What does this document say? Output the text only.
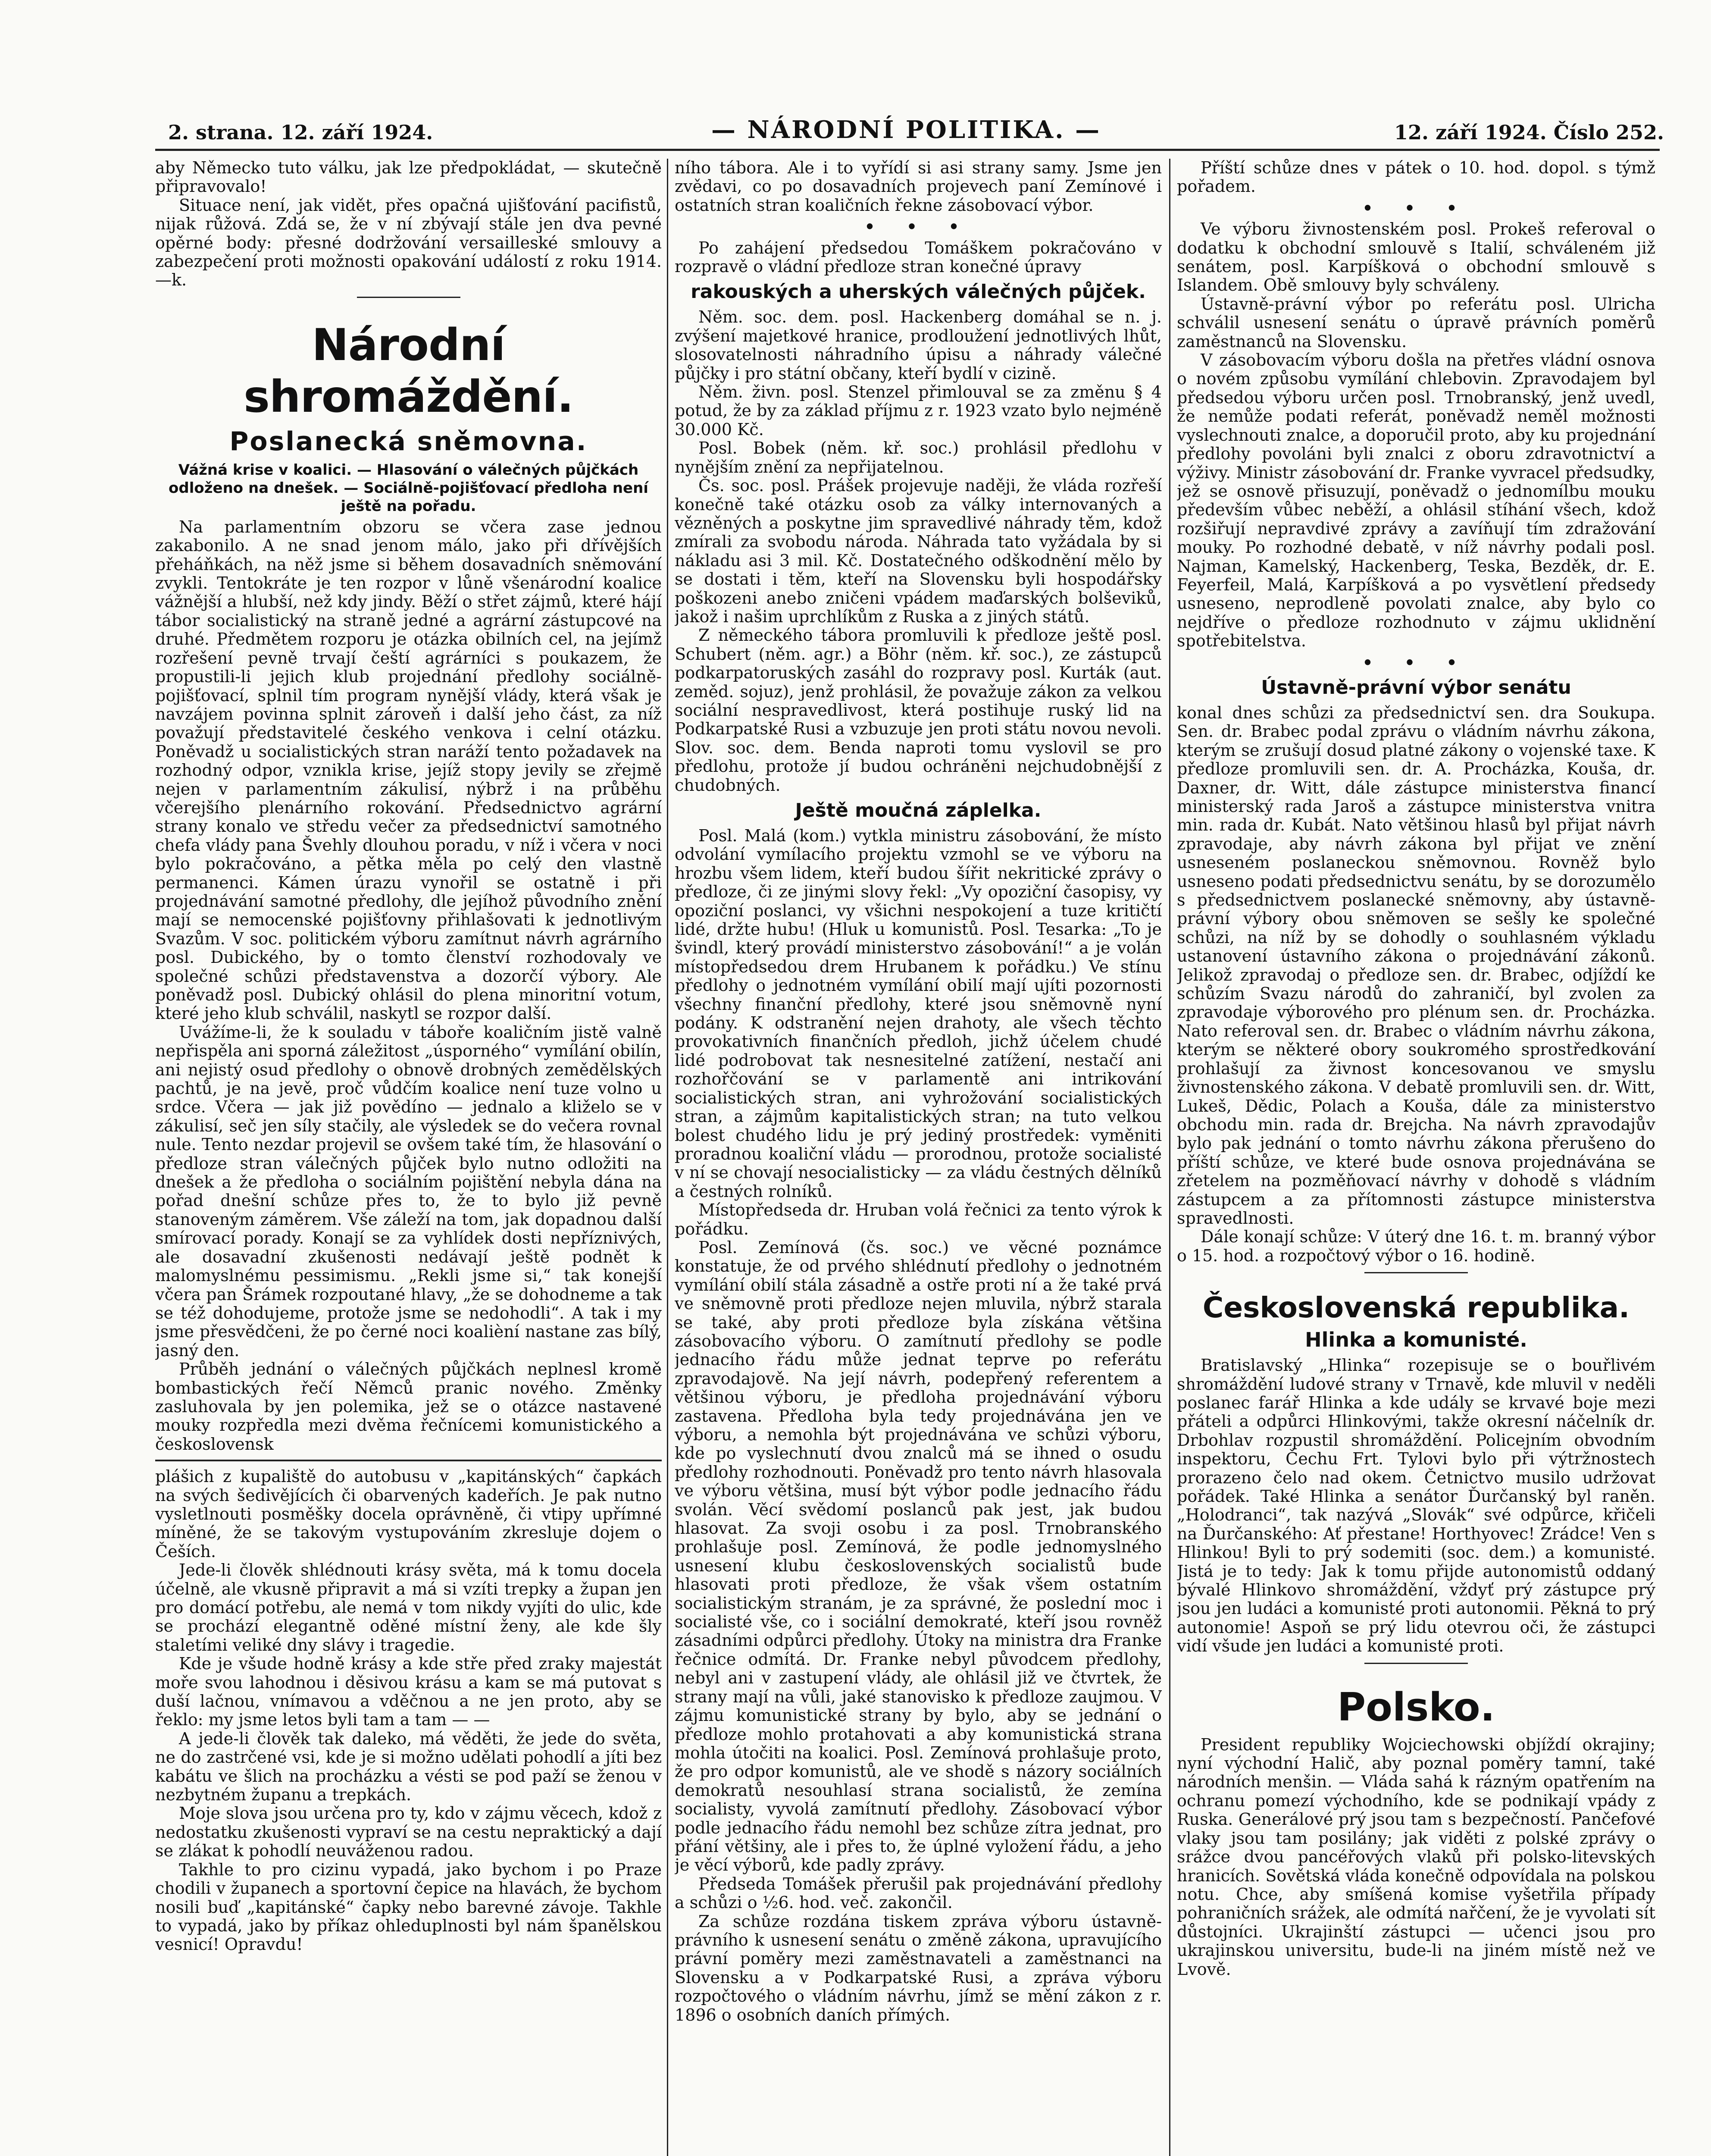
2. strana. 12. září 1924.	— NÁRODNÍ POLITIKA. —	12. září 1924. Číslo 252.

aby Německo tuto válku, jak lze předpokládat, — skutečně připravovalo!

Situace není, jak vidět, přes opačná ujišťování pacifistů, nijak růžová. Zdá se, že v ní zbývají stále jen dva pevné opěrné body: přesné dodržování versailleské smlouvy a zabezpečení proti možnosti opakování událostí z roku 1914. —k.

Národní shromáždění.
Poslanecká sněmovna.
Vážná krise v koalici. — Hlasování o válečných půjčkách odloženo na dnešek. — Sociálně-pojišťovací předloha není ještě na pořadu.

Na parlamentním obzoru se včera zase jednou zakabonilo. A ne snad jenom málo, jako při dřívějších přeháňkách, na něž jsme si během dosavadních sněmování zvykli. Tentokráte je ten rozpor v lůně všenárodní koalice vážnější a hlubší, než kdy jindy. Běží o střet zájmů, které hájí tábor socialistický na straně jedné a agrární zástupcové na druhé. Předmětem rozporu je otázka obilních cel, na jejímž rozřešení pevně trvají čeští agrárníci s poukazem, že propustili-li jejich klub projednání předlohy sociálně-pojišťovací, splnil tím program nynější vlády, která však je navzájem povinna splnit zároveň i další jeho část, za níž považují představitelé českého venkova i celní otázku. Poněvadž u socialistických stran naráží tento požadavek na rozhodný odpor, vznikla krise, jejíž stopy jevily se zřejmě nejen v parlamentním zákulisí, nýbrž i na průběhu včerejšího plenárního rokování. Předsednictvo agrární strany konalo ve středu večer za předsednictví samotného chefa vlády pana Švehly dlouhou poradu, v níž i včera v noci bylo pokračováno, a pětka měla po celý den vlastně permanenci. Kámen úrazu vynořil se ostatně i při projednávání samotné předlohy, dle jejíhož původního znění mají se nemocenské pojišťovny přihlašovati k jednotlivým Svazům. V soc. politickém výboru zamítnut návrh agrárního posl. Dubického, by o tomto členství rozhodovaly ve společné schůzi představenstva a dozorčí výbory. Ale poněvadž posl. Dubický ohlásil do plena minoritní votum, které jeho klub schválil, naskytl se rozpor další.

Uvážíme-li, že k souladu v táboře koaličním jistě valně nepřispěla ani sporná záležitost „úsporného“ vymílání obilín, ani nejistý osud předlohy o obnově drobných zemědělských pachtů, je na jevě, proč vůdčím koalice není tuze volno u srdce. Včera — jak již povědíno — jednalo a kliželo se v zákulisí, seč jen síly stačily, ale výsledek se do večera rovnal nule. Tento nezdar projevil se ovšem také tím, že hlasování o předloze stran válečných půjček bylo nutno odložiti na dnešek a že předloha o sociálním pojištění nebyla dána na pořad dnešní schůze přes to, že to bylo již pevně stanoveným záměrem. Vše záleží na tom, jak dopadnou další smírovací porady. Konají se za vyhlídek dosti nepříznivých, ale dosavadní zkušenosti nedávají ještě podnět k malomyslnému pessimismu. „Rekli jsme si,“ tak konejší včera pan Šrámek rozpoutané hlavy, „že se dohodneme a tak se též dohodujeme, protože jsme se nedohodli“. A tak i my jsme přesvědčeni, že po černé noci koalièní nastane zas bílý, jasný den.

Průběh jednání o válečných půjčkách neplnesl kromě bombastických řečí Němců pranic nového. Změnky zasluhovala by jen polemika, jež se o otázce nastavené mouky rozpředla mezi dvěma řečnícemi komunistického a československ

plášich z kupaliště do autobusu v „kapitánských“ čapkách na svých šedivějících či obarvených kadeřích. Je pak nutno vysletlnouti posměšky docela oprávněně, či vtipy upřímné míněné, že se takovým vystupováním zkresluje dojem o Češích.

Jede-li člověk shlédnouti krásy světa, má k tomu docela účelně, ale vkusně připravit a má si vzíti trepky a župan jen pro domácí potřebu, ale nemá v tom nikdy vyjíti do ulic, kde se prochází elegantně oděné místní ženy, ale kde šly staletími veliké dny slávy i tragedie.

Kde je všude hodně krásy a kde stře před zraky majestát moře svou lahodnou i děsivou krásu a kam se má putovat s duší lačnou, vnímavou a vděčnou a ne jen proto, aby se řeklo: my jsme letos byli tam a tam — —

A jede-li člověk tak daleko, má věděti, že jede do světa, ne do zastrčené vsi, kde je si možno udělati pohodlí a jíti bez kabátu ve šlich na procházku a vésti se pod paží se ženou v nezbytném županu a trepkách.

Moje slova jsou určena pro ty, kdo v zájmu věcech, kdož z nedostatku zkušenosti vypraví se na cestu nepraktický a dají se zlákat k pohodlí neuváženou radou.

Takhle to pro cizinu vypadá, jako bychom i po Praze chodili v županech a sportovní čepice na hlavách, že bychom nosili buď „kapitánské“ čapky nebo barevné závoje. Takhle to vypadá, jako by příkaz ohleduplnosti byl nám španělskou vesnicí! Opravdu!

ního tábora. Ale i to vyřídí si asi strany samy. Jsme jen zvědavi, co po dosavadních projevech paní Zemínové i ostatních stran koaličních řekne zásobovací výbor.

• • •

Po zahájení předsedou Tomáškem pokračováno v rozpravě o vládní předloze stran konečné úpravy

rakouských a uherských válečných půjček.

Něm. soc. dem. posl. Hackenberg domáhal se n. j. zvýšení majetkové hranice, prodloužení jednotlivých lhůt, slosovatelnosti náhradního úpisu a náhrady válečné půjčky i pro státní občany, kteří bydlí v cizině.

Něm. živn. posl. Stenzel přimlouval se za změnu § 4 potud, že by za základ příjmu z r. 1923 vzato bylo nejméně 30.000 Kč.

Posl. Bobek (něm. kř. soc.) prohlásil předlohu v nynějším znění za nepřijatelnou.

Čs. soc. posl. Prášek projevuje naději, že vláda rozřeší konečně také otázku osob za války internovaných a vězněných a poskytne jim spravedlivé náhrady těm, kdož zmírali za svobodu národa. Náhrada tato vyžádala by si nákladu asi 3 mil. Kč. Dostatečného odškodnění mělo by se dostati i těm, kteří na Slovensku byli hospodářsky poškozeni anebo zničeni vpádem maďarských bolševiků, jakož i našim uprchlíkům z Ruska a z jiných států.

Z německého tábora promluvili k předloze ještě posl. Schubert (něm. agr.) a Böhr (něm. kř. soc.), ze zástupců podkarpatoruských zasáhl do rozpravy posl. Kurták (aut. zeměd. sojuz), jenž prohlásil, že považuje zákon za velkou sociální nespravedlivost, která postihuje ruský lid na Podkarpatské Rusi a vzbuzuje jen proti státu novou nevoli. Slov. soc. dem. Benda naproti tomu vyslovil se pro předlohu, protože jí budou ochráněni nejchudobnější z chudobných.

Ještě moučná záplelka.

Posl. Malá (kom.) vytkla ministru zásobování, že místo odvolání vymílacího projektu vzmohl se ve výboru na hrozbu všem lidem, kteří budou šířit nekritické zprávy o předloze, či ze jinými slovy řekl: „Vy opoziční časopisy, vy opoziční poslanci, vy všichni nespokojení a tuze kritičtí lidé, držte hubu! (Hluk u komunistů. Posl. Tesarka: „To je švindl, který provádí ministerstvo zásobování!“ a je volán místopředsedou drem Hrubanem k pořádku.) Ve stínu předlohy o jednotném vymílání obilí mají ujíti pozornosti všechny finanční předlohy, které jsou sněmovně nyní podány. K odstranění nejen drahoty, ale všech těchto provokativních finančních předloh, jichž účelem chudé lidé podrobovat tak nesnesitelné zatížení, nestačí ani rozhořčování se v parlamentě ani intrikování socialistických stran, ani vyhrožování socialistických stran, a zájmům kapitalistických stran; na tuto velkou bolest chudého lidu je prý jediný prostředek: vyměniti proradnou koaliční vládu — prorodnou, protože socialisté v ní se chovají nesocialisticky — za vládu čestných dělníků a čestných rolníků.

Místopředseda dr. Hruban volá řečnici za tento výrok k pořádku.

Posl. Zemínová (čs. soc.) ve věcné poznámce konstatuje, že od prvého shlédnutí předlohy o jednotném vymílání obilí stála zásadně a ostře proti ní a že také prvá ve sněmovně proti předloze nejen mluvila, nýbrž starala se také, aby proti předloze byla získána většina zásobovacího výboru. O zamítnutí předlohy se podle jednacího řádu může jednat teprve po referátu zpravodajově. Na její návrh, podepřený referentem a většinou výboru, je předloha projednávání výboru zastavena. Předloha byla tedy projednávána jen ve výboru, a nemohla být projednávána ve schůzi výboru, kde po vyslechnutí dvou znalců má se ihned o osudu předlohy rozhodnouti. Poněvadž pro tento návrh hlasovala ve výboru většina, musí být výbor podle jednacího řádu svolán. Věcí svědomí poslanců pak jest, jak budou hlasovat. Za svoji osobu i za posl. Trnobranského prohlašuje posl. Zemínová, že podle jednomyslného usnesení klubu československých socialistů bude hlasovati proti předloze, že však všem ostatním socialistickým stranám, je za správné, že poslední moc i socialisté vše, co i sociální demokraté, kteří jsou rovněž zásadními odpůrci předlohy. Útoky na ministra dra Franke řečnice odmítá. Dr. Franke nebyl původcem předlohy, nebyl ani v zastupení vlády, ale ohlásil již ve čtvrtek, že strany mají na vůli, jaké stanovisko k předloze zaujmou. V zájmu komunistické strany by bylo, aby se jednání o předloze mohlo protahovati a aby komunistická strana mohla útočiti na koalici. Posl. Zemínová prohlašuje proto, že pro odpor komunistů, ale ve shodě s názory sociálních demokratů nesouhlasí strana socialistů, že zemína socialisty, vyvolá zamítnutí předlohy. Zásobovací výbor podle jednacího řádu nemohl bez schůze zítra jednat, pro přání většiny, ale i přes to, že úplné vyložení řádu, a jeho je věcí výborů, kde padly zprávy.

Předseda Tomášek přerušil pak projednávání předlohy a schůzi o ½6. hod. več. zakončil.

Za schůze rozdána tiskem zpráva výboru ústavně-právního k usnesení senátu o změně zákona, upravujícího právní poměry mezi zaměstnavateli a zaměstnanci na Slovensku a v Podkarpatské Rusi, a zpráva výboru rozpočtového o vládním návrhu, jímž se mění zákon z r. 1896 o osobních daních přímých.

Příští schůze dnes v pátek o 10. hod. dopol. s týmž pořadem.

• • •

Ve výboru živnostenském posl. Prokeš referoval o dodatku k obchodní smlouvě s Italií, schváleném již senátem, posl. Karpíšková o obchodní smlouvě s Islandem. Obě smlouvy byly schváleny.

Ústavně-právní výbor po referátu posl. Ulricha schválil usnesení senátu o úpravě právních poměrů zaměstnanců na Slovensku.

V zásobovacím výboru došla na přetřes vládní osnova o novém způsobu vymílání chlebovin. Zpravodajem byl předsedou výboru určen posl. Trnobranský, jenž uvedl, že nemůže podati referát, poněvadž neměl možnosti vyslechnouti znalce, a doporučil proto, aby ku projednání předlohy povoláni byli znalci z oboru zdravotnictví a výživy. Ministr zásobování dr. Franke vyvracel předsudky, jež se osnově přisuzují, poněvadž o jednomílbu mouku především vůbec neběží, a ohlásil stíhání všech, kdož rozšiřují nepravdivé zprávy a zavíňují tím zdražování mouky. Po rozhodné debatě, v níž návrhy podali posl. Najman, Kamelský, Hackenberg, Teska, Bezděk, dr. E. Feyerfeil, Malá, Karpíšková a po vysvětlení předsedy usneseno, neprodleně povolati znalce, aby bylo co nejdříve o předloze rozhodnuto v zájmu ukl​idnění spotřebitelstva.

• • •
Ústavně-právní výbor senátu

konal dnes schůzi za předsednictví sen. dra Soukupa. Sen. dr. Brabec podal zprávu o vládním návrhu zákona, kterým se zrušují dosud platné zákony o vojenské taxe. K předloze promluvili sen. dr. A. Procházka, Kouša, dr. Daxner, dr. Witt, dále zástupce ministerstva financí ministerský rada Jaroš a zástupce ministerstva vnitra min. rada dr. Kubát. Nato většinou hlasů byl přijat návrh zpravodaje, aby návrh zákona byl přijat ve znění usneseném poslaneckou sněmovnou. Rovněž bylo usneseno podati předsednictvu senátu, by se dorozumělo s předsednictvem poslanecké sněmovny, aby ústavně-právní výbory obou sněmoven se sešly ke společné schůzi, na níž by se dohodly o souhlasném výkladu ustanovení ústavního zákona o projednávání zákonů. Jelikož zpravodaj o předloze sen. dr. Brabec, odjíždí ke schůzím Svazu národů do zahraničí, byl zvolen za zpravodaje výborového pro plénum sen. dr. Procházka. Nato referoval sen. dr. Brabec o vládním návrhu zákona, kterým se některé obory soukromého sprostředkování prohlašují za živnost koncesovanou ve smyslu živnostenského zákona. V debatě promluvili sen. dr. Witt, Lukeš, Dědic, Polach a Kouša, dále za ministerstvo obchodu min. rada dr. Brejcha. Na návrh zpravodajův bylo pak jednání o tomto návrhu zákona přerušeno do příští schůze, ve které bude osnova projednávána se zřetelem na pozměňovací návrhy v dohodě s vládním zástupcem a za přítomnosti zástupce ministerstva spravedlnosti.

Dále konají schůze: V úterý dne 16. t. m. branný výbor o 15. hod. a rozpočtový výbor o 16. hodině.

Československá republika.
Hlinka a komunisté.

Bratislavský „Hlinka“ rozepisuje se o bouřlivém shromáždění ludové strany v Trnavě, kde mluvil v neděli poslanec farář Hlinka a kde udály se krvavé boje mezi přáteli a odpůrci Hlinkovými, takže okresní náčelník dr. Drbohlav rozpustil shromáždění. Policejním obvodním inspektoru, Čechu Frt. Tylovi bylo při výtržnostech prorazeno čelo nad okem. Četnictvo musilo udržovat pořádek. Také Hlinka a senátor Ďurčanský byl raněn. „Holodranci“, tak nazývá „Slovák“ své odpůrce, křičeli na Ďurčanského: Ať přestane! Horthyovec! Zrádce! Ven s Hlinkou! Byli to prý sodemiti (soc. dem.) a komunisté. Jistá je to tedy: Jak k tomu přijde autonomistů oddaný bývalé Hlinkovo shromáždění, vždyť prý zástupce prý jsou jen ludáci a komunisté proti autonomii. Pěkná to prý autonomie! Aspoň se prý lidu otevrou oči, že zástupci vidí všude jen ludáci a komunisté proti.

Polsko.

President republiky Wojciechowski objíždí okrajiny; nyní východní Halič, aby poznal poměry tamní, také národních menšin. — Vláda sahá k rázným opatřením na ochranu pomezí východního, kde se podnikají vpády z Ruska. Generálové prý jsou tam s bezpečností. Pančefové vlaky jsou tam posilány; jak viděti z polské zprávy o srážce dvou pancéřových vlaků při polsko-litevských hranicích. Sovětská vláda konečně odpovídala na polskou notu. Chce, aby smíšená komise vyšetřila případy pohraničních srážek, ale odmítá nařčení, že je vyvolati sít důstojníci. Ukrajinští zástupci — učenci jsou pro ukrajinskou universitu, bude-li na jiném místě než ve Lvově.
